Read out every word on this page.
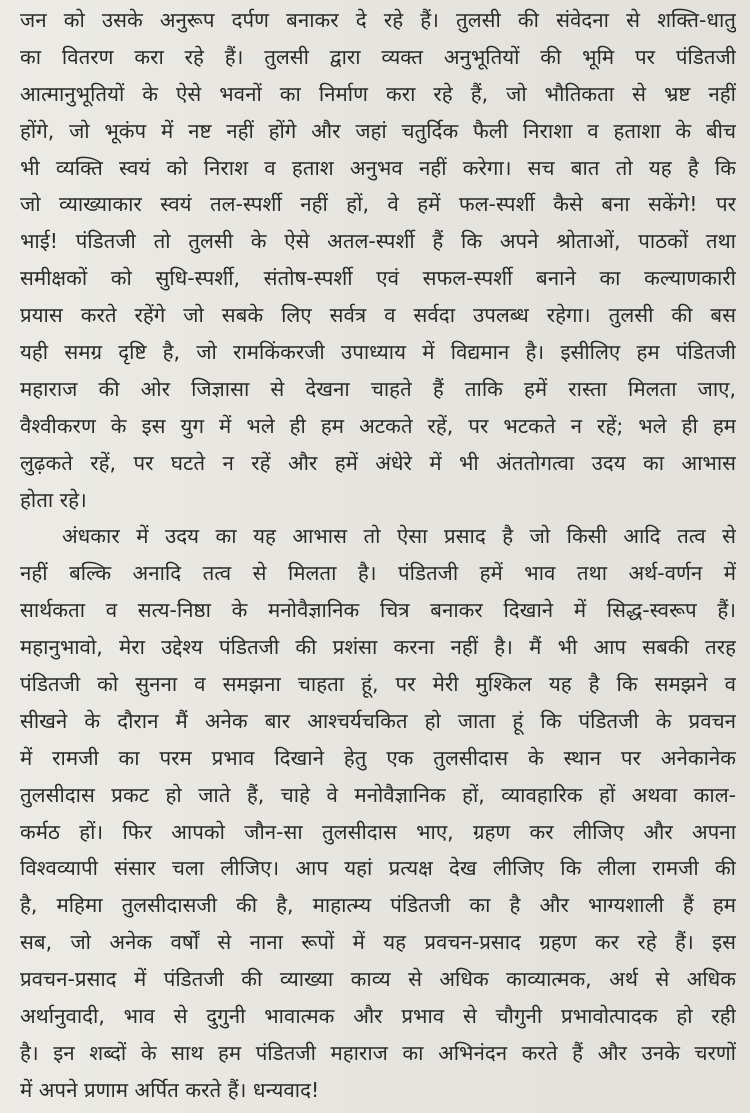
जन को उसके अनुरूप दर्पण बनाकर दे रहे हैं। तुलसी की संवेदना से शक्ति-धातु
का वितरण करा रहे हैं। तुलसी द्वारा व्यक्त अनुभूतियों की भूमि पर पंडितजी
आत्मानुभूतियों के ऐसे भवनों का निर्माण करा रहे हैं, जो भौतिकता से भ्रष्ट नहीं
होंगे, जो भूकंप में नष्ट नहीं होंगे और जहां चतुर्दिक फैली निराशा व हताशा के बीच
भी व्यक्ति स्वयं को निराश व हताश अनुभव नहीं करेगा। सच बात तो यह है कि
जो व्याख्याकार स्वयं तल-स्पर्शी नहीं हों, वे हमें फल-स्पर्शी कैसे बना सकेंगे! पर
भाई! पंडितजी तो तुलसी के ऐसे अतल-स्पर्शी हैं कि अपने श्रोताओं, पाठकों तथा
समीक्षकों को सुधि-स्पर्शी, संतोष-स्पर्शी एवं सफल-स्पर्शी बनाने का कल्याणकारी
प्रयास करते रहेंगे जो सबके लिए सर्वत्र व सर्वदा उपलब्ध रहेगा। तुलसी की बस
यही समग्र दृष्टि है, जो रामकिंकरजी उपाध्याय में विद्यमान है। इसीलिए हम पंडितजी
महाराज की ओर जिज्ञासा से देखना चाहते हैं ताकि हमें रास्ता मिलता जाए,
वैश्वीकरण के इस युग में भले ही हम अटकते रहें, पर भटकते न रहें; भले ही हम
लुढ़कते रहें, पर घटते न रहें और हमें अंधेरे में भी अंततोगत्वा उदय का आभास
होता रहे।
अंधकार में उदय का यह आभास तो ऐसा प्रसाद है जो किसी आदि तत्व से
नहीं बल्कि अनादि तत्व से मिलता है। पंडितजी हमें भाव तथा अर्थ-वर्णन में
सार्थकता व सत्य-निष्ठा के मनोवैज्ञानिक चित्र बनाकर दिखाने में सिद्ध-स्वरूप हैं।
महानुभावो, मेरा उद्देश्य पंडितजी की प्रशंसा करना नहीं है। मैं भी आप सबकी तरह
पंडितजी को सुनना व समझना चाहता हूं, पर मेरी मुश्किल यह है कि समझने व
सीखने के दौरान मैं अनेक बार आश्चर्यचकित हो जाता हूं कि पंडितजी के प्रवचन
में रामजी का परम प्रभाव दिखाने हेतु एक तुलसीदास के स्थान पर अनेकानेक
तुलसीदास प्रकट हो जाते हैं, चाहे वे मनोवैज्ञानिक हों, व्यावहारिक हों अथवा काल-
कर्मठ हों। फिर आपको जौन-सा तुलसीदास भाए, ग्रहण कर लीजिए और अपना
विश्वव्यापी संसार चला लीजिए। आप यहां प्रत्यक्ष देख लीजिए कि लीला रामजी की
है, महिमा तुलसीदासजी की है, माहात्म्य पंडितजी का है और भाग्यशाली हैं हम
सब, जो अनेक वर्षों से नाना रूपों में यह प्रवचन-प्रसाद ग्रहण कर रहे हैं। इस
प्रवचन-प्रसाद में पंडितजी की व्याख्या काव्य से अधिक काव्यात्मक, अर्थ से अधिक
अर्थानुवादी, भाव से दुगुनी भावात्मक और प्रभाव से चौगुनी प्रभावोत्पादक हो रही
है। इन शब्दों के साथ हम पंडितजी महाराज का अभिनंदन करते हैं और उनके चरणों
में अपने प्रणाम अर्पित करते हैं। धन्यवाद!
